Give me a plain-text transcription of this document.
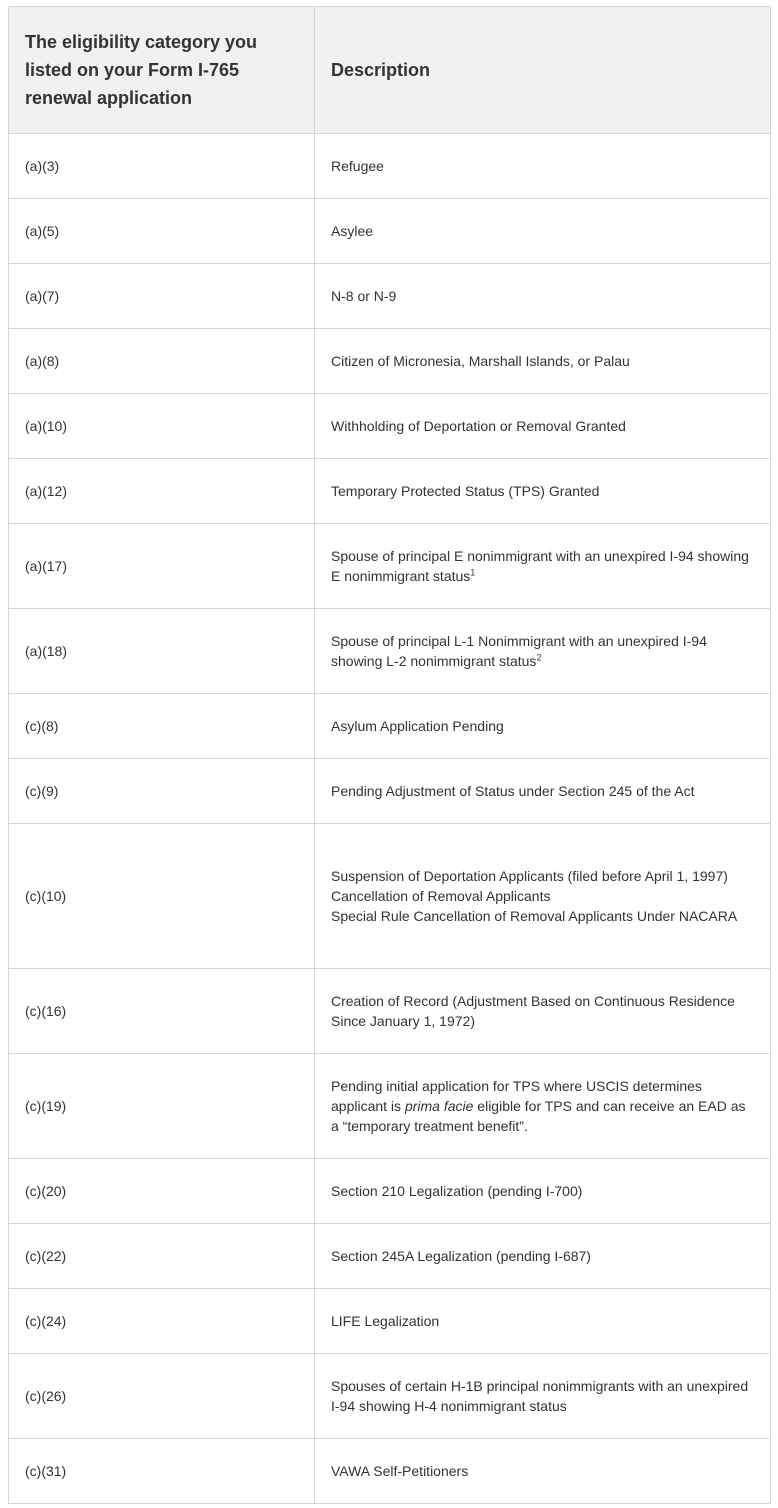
The eligibility category you listed on your Form I-765 renewal application	Description
(a)(3)	Refugee
(a)(5)	Asylee
(a)(7)	N-8 or N-9
(a)(8)	Citizen of Micronesia, Marshall Islands, or Palau
(a)(10)	Withholding of Deportation or Removal Granted
(a)(12)	Temporary Protected Status (TPS) Granted
(a)(17)	Spouse of principal E nonimmigrant with an unexpired I-94 showing E nonimmigrant status$^1$
(a)(18)	Spouse of principal L-1 Nonimmigrant with an unexpired I-94 showing L-2 nonimmigrant status$^2$
(c)(8)	Asylum Application Pending
(c)(9)	Pending Adjustment of Status under Section 245 of the Act
(c)(10)	Suspension of Deportation Applicants (filed before April 1, 1997)
Cancellation of Removal Applicants
Special Rule Cancellation of Removal Applicants Under NACARA

(c)(16)	Creation of Record (Adjustment Based on Continuous Residence Since January 1, 1972)
(c)(19)	Pending initial application for TPS where USCIS determines applicant is prima facie eligible for TPS and can receive an EAD as a “temporary treatment benefit”.
(c)(20)	Section 210 Legalization (pending I-700)
(c)(22)	Section 245A Legalization (pending I-687)
(c)(24)	LIFE Legalization
(c)(26)	Spouses of certain H-1B principal nonimmigrants with an unexpired I-94 showing H-4 nonimmigrant status
(c)(31)	VAWA Self-Petitioners
